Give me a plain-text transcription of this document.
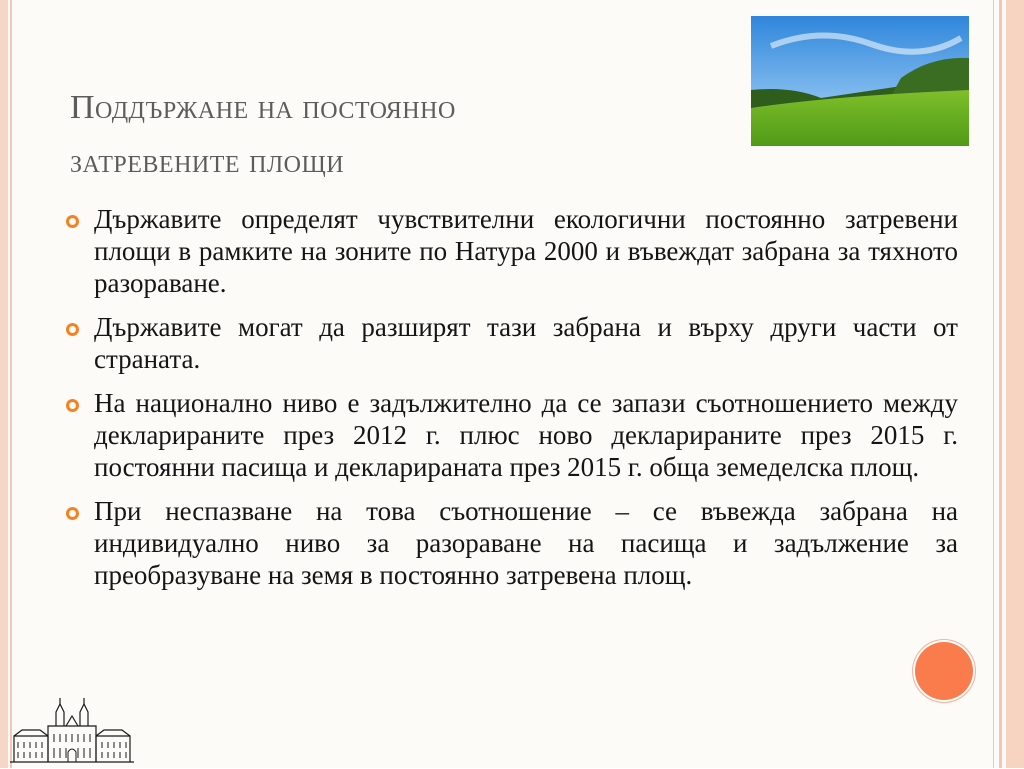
Поддържане на постоянно
затревените площи
Държавите определят чувствителни екологични постоянно затревени площи в рамките на зоните по Натура 2000 и въвеждат забрана за тяхното разораване.
Държавите могат да разширят тази забрана и върху други части от страната.
На национално ниво е задължително да се запази съотношението между декларираните през 2012 г. плюс ново декларираните през 2015 г. постоянни пасища и декларираната през 2015 г. обща земеделска площ.
При неспазване на това съотношение – се въвежда забрана на индивидуално ниво за разораване на пасища и задължение за преобразуване на земя в постоянно затревена площ.
